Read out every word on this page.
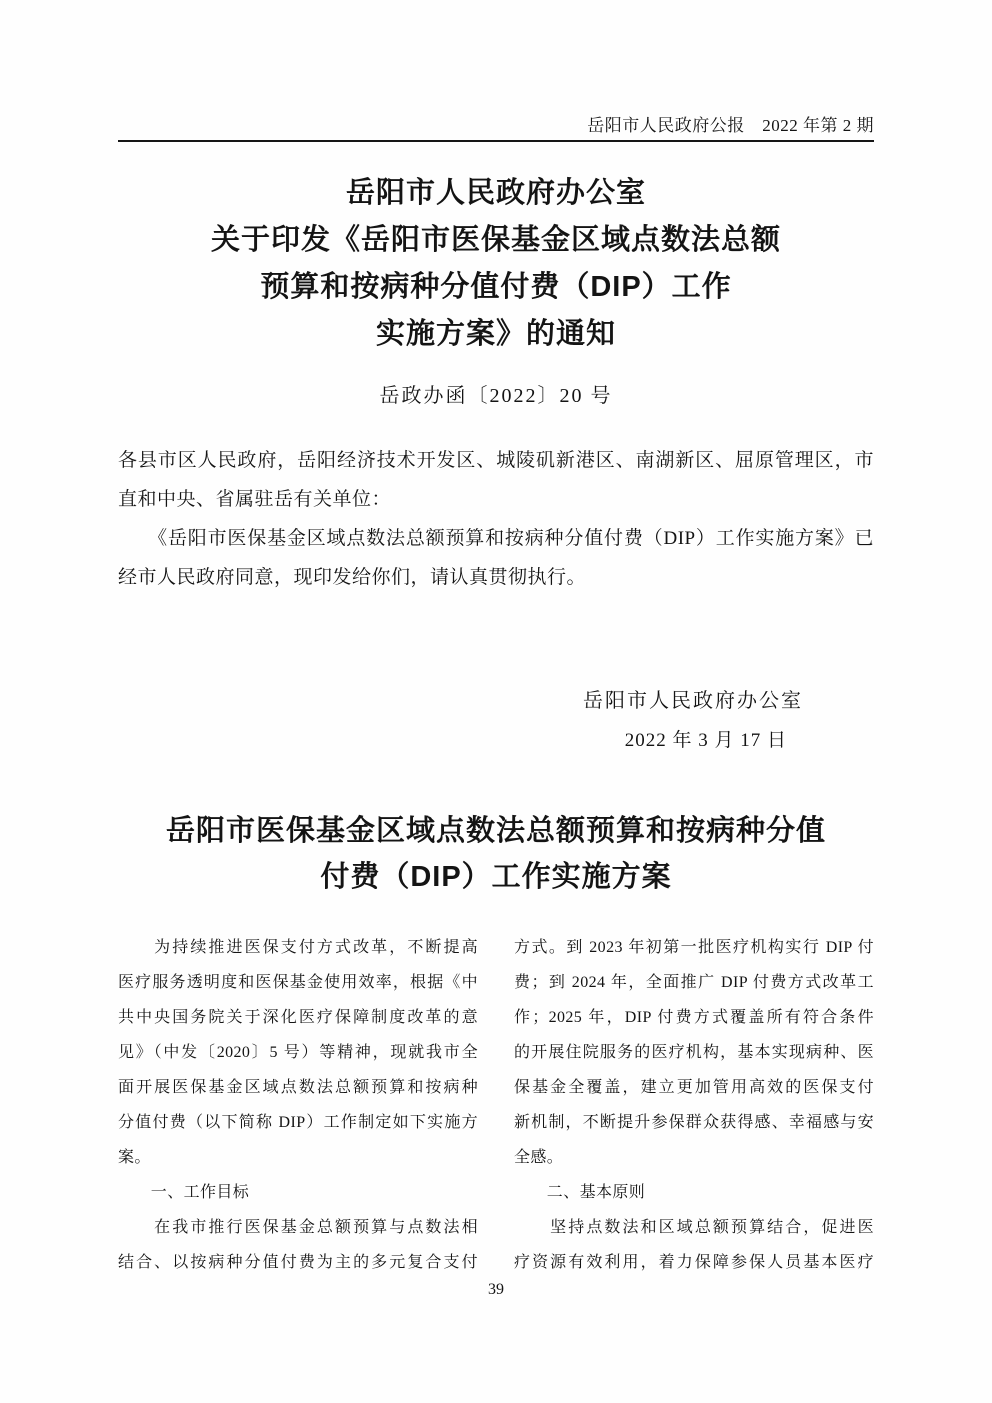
岳阳市人民政府公报　2022 年第 2 期
岳阳市人民政府办公室
关于印发《岳阳市医保基金区域点数法总额
预算和按病种分值付费（DIP）工作
实施方案》的通知
岳政办函〔2022〕20 号
各县市区人民政府，岳阳经济技术开发区、城陵矶新港区、南湖新区、屈原管理区，市
直和中央、省属驻岳有关单位：
　　《岳阳市医保基金区域点数法总额预算和按病种分值付费（DIP）工作实施方案》已
经市人民政府同意，现印发给你们，请认真贯彻执行。
岳阳市人民政府办公室
2022 年 3 月 17 日
岳阳市医保基金区域点数法总额预算和按病种分值
付费（DIP）工作实施方案
　　为持续推进医保支付方式改革，不断提高
医疗服务透明度和医保基金使用效率，根据《中
共中央国务院关于深化医疗保障制度改革的意
见》（中发〔2020〕5 号）等精神，现就我市全
面开展医保基金区域点数法总额预算和按病种
分值付费（以下简称 DIP）工作制定如下实施方
案。
　　一、工作目标
　　在我市推行医保基金总额预算与点数法相
结合、以按病种分值付费为主的多元复合支付
方式。到 2023 年初第一批医疗机构实行 DIP 付
费；到 2024 年，全面推广 DIP 付费方式改革工
作；2025 年，DIP 付费方式覆盖所有符合条件
的开展住院服务的医疗机构，基本实现病种、医
保基金全覆盖，建立更加管用高效的医保支付
新机制，不断提升参保群众获得感、幸福感与安
全感。
　　二、基本原则
　　坚持点数法和区域总额预算结合，促进医
疗资源有效利用，着力保障参保人员基本医疗
39
